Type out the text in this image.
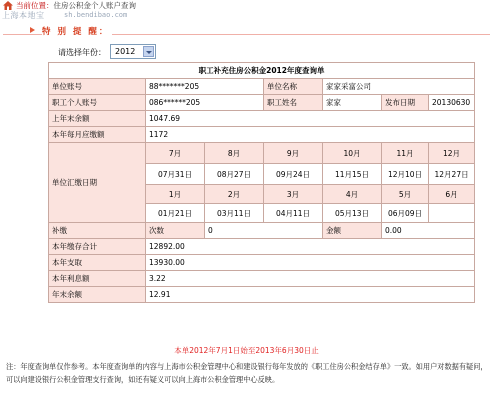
当前位置：住房公积金个人账户查询
上海本地宝	sh.bendibao.com
特 别 提 醒：
请选择年份： 2012
职工补充住房公积金2012年度查询单						
单位账号	88*******205		单位名称	家家采富公司		
职工个人账号	086******205		职工姓名	家家	发布日期	20130630
上年末余额	1047.69					
本年每月应缴额	1172					
单位汇缴日期	7月	8月	9月	10月	11月	12月
	07月31日	08月27日	09月24日	11月15日	12月10日	12月27日
	1月	2月	3月	4月	5月	6月
	01月21日	03月11日	04月11日	05月13日	06月09日	
补缴	次数	0		金额	0.00	
本年缴存合计	12892.00					
本年支取	13930.00					
本年利息额	3.22					
年末余额	12.91					
本单2012年7月1日始至2013年6月30日止
注：年度查询单仅作参考。本年度查询单的内容与上海市公积金管理中心和建设银行每年发放的《职工住房公积金结存单》一致。如用户对数据有疑问，可以向建设银行公积金管理支行查询，如还有疑义可以向上海市公积金管理中心反映。
